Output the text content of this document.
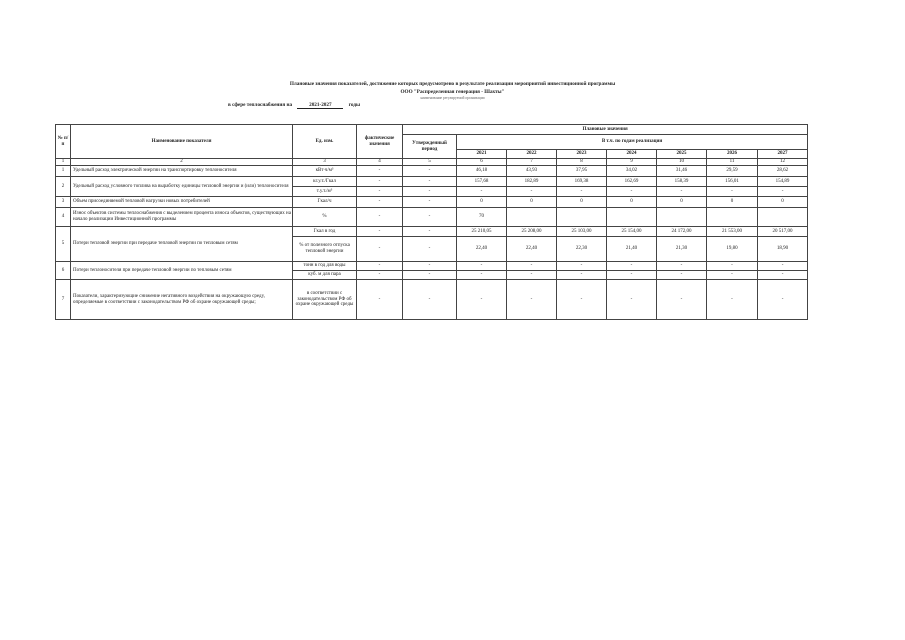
Плановые значения показателей, достижение которых предусмотрено в результате реализации мероприятий инвестиционной программы
ООО "Распределенная генерация - Шахты"
наименование регулируемой организации
в сфере теплоснабжения на	2021-2027	годы
№ п/п	Наименование показателя	Ед. изм.	фактические значения	Плановые значения							
				Утвержденный период	В т.ч. по годам реализации						
					2021	2022	2023	2024	2025	2026	2027
1	2	3	4	5	6	7	8	9	10	11	12
1	Удельный расход электрической энергии на транспортировку теплоносителя	кВт∙ч/м³	-	-	46,18	43,93	37,95	34,02	31,46	29,59	28,62
2	Удельный расход условного топлива на выработку единицы тепловой энергии и (или) теплоносителя	кг.у.т./Гкал	-	-	157,68	182,89	169,38	162,69	158,39	156,01	154,89
		т.у.т./м³	-	-	-	-	-	-	-	-	-
3	Объем присоединяемой тепловой нагрузки новых потребителей	Гкал/ч	-	-	0	0	0	0	0	0	0
4	Износ объектов системы теплоснабжения с выделением процента износа объектов, существующих на начало реализации Инвестиционной программы	%	-	-	70						
5	Потери тепловой энергии при передаче тепловой энергии по тепловым сетям	Гкал в год	-	-	25 210,05	25 208,00	25 103,00	25 154,00	24 172,00	21 553,00	20 517,00
		% от полезного отпуска тепловой энергии	-	-	22,40	22,40	22,30	21,40	21,30	19,80	18,90
6	Потери теплоносителя при передаче тепловой энергии по тепловым сетям	тонн в год для воды	-	-	-	-	-	-	-	-	-
		куб. м для пара	-	-	-	-	-	-	-	-	-
7	Показатели, характеризующие снижение негативного воздействия на окружающую среду, определяемые в соответствии с законодательством РФ об охране окружающей среды;	в соответствии с законодательством РФ об охране окружающей среды	-	-	-	-	-	-	-	-	-
